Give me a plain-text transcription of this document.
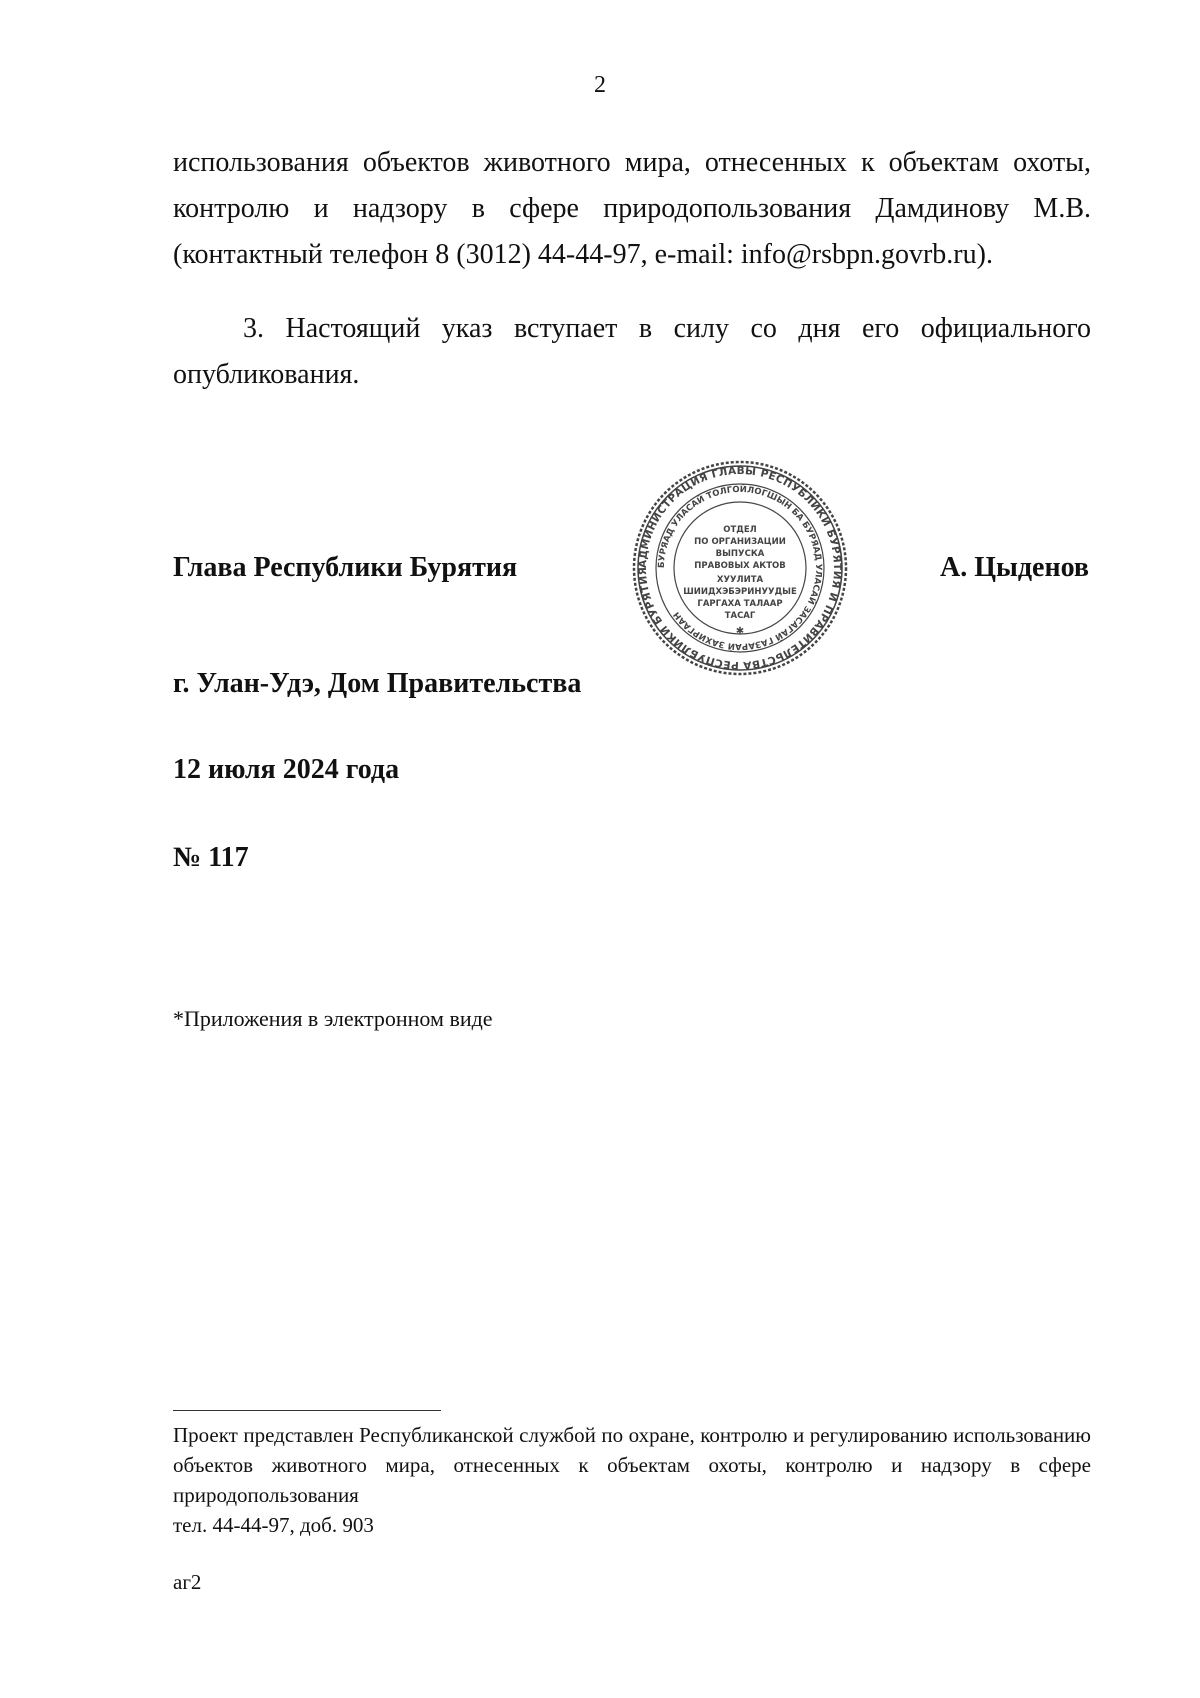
2
использования объектов животного мира, отнесенных к объектам охоты, контролю и надзору в сфере природопользования Дамдинову М.В. (контактный телефон 8 (3012) 44-44-97, e-mail: info@rsbpn.govrb.ru).
3. Настоящий указ вступает в силу со дня его официального опубликования.
Глава Республики Бурятия	А. Цыденов
АДМИНИСТРАЦИЯ ГЛАВЫ РЕСПУБЛИКИ БУРЯТИЯ И ПРАВИТЕЛЬСТВА РЕСПУБЛИКИ БУРЯТИЯ
БУРЯАД УЛАСАЙ ТОЛГОЙЛОГШЫН БА БУРЯАД УЛАСАЙ ЗАСАГАЙ ГАЗАРАЙ ЗАХИРГААН
ОТДЕЛ
ПО ОРГАНИЗАЦИИ
ВЫПУСКА
ПРАВОВЫХ АКТОВ
ХУУЛИТА
ШИИДХЭБЭРИНУУДЫЕ
ГАРГАХА ТАЛААР
ТАСАГ
✱
г. Улан-Удэ, Дом Правительства
12 июля 2024 года
№ 117
*Приложения в электронном виде
Проект представлен Республиканской службой по охране, контролю и регулированию использованию объектов животного мира, отнесенных к объектам охоты, контролю и надзору в сфере природопользования
тел. 44-44-97, доб. 903
аг2
